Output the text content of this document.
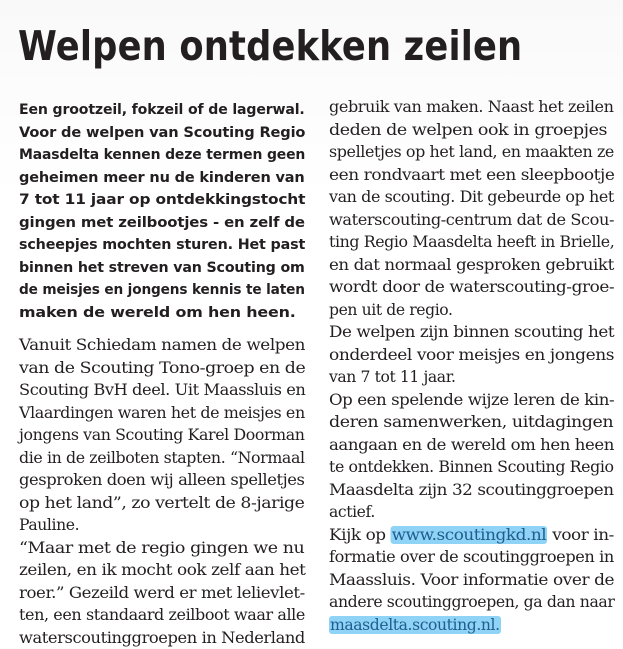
Welpen ontdekken zeilen
Een grootzeil, fokzeil of de lagerwal.
Voor de welpen van Scouting Regio
Maasdelta kennen deze termen geen
geheimen meer nu de kinderen van
7 tot 11 jaar op ontdekkingstocht
gingen met zeilbootjes - en zelf de
scheepjes mochten sturen. Het past
binnen het streven van Scouting om
de meisjes en jongens kennis te laten
maken de wereld om hen heen.
Vanuit Schiedam namen de welpen
van de Scouting Tono-groep en de
Scouting BvH deel. Uit Maassluis en
Vlaardingen waren het de meisjes en
jongens van Scouting Karel Doorman
die in de zeilboten stapten. “Normaal
gesproken doen wij alleen spelletjes
op het land”, zo vertelt de 8-jarige
Pauline.
“Maar met de regio gingen we nu
zeilen, en ik mocht ook zelf aan het
roer.” Gezeild werd er met lelievlet-
ten, een standaard zeilboot waar alle
waterscoutinggroepen in Nederland
gebruik van maken. Naast het zeilen
deden de welpen ook in groepjes
spelletjes op het land, en maakten ze
een rondvaart met een sleepbootje
van de scouting. Dit gebeurde op het
waterscouting-centrum dat de Scou-
ting Regio Maasdelta heeft in Brielle,
en dat normaal gesproken gebruikt
wordt door de waterscouting-groe-
pen uit de regio.
De welpen zijn binnen scouting het
onderdeel voor meisjes en jongens
van 7 tot 11 jaar.
Op een spelende wijze leren de kin-
deren samenwerken, uitdagingen
aangaan en de wereld om hen heen
te ontdekken. Binnen Scouting Regio
Maasdelta zijn 32 scoutinggroepen
actief.
Kijk op www.scoutingkd.nl voor in-
formatie over de scoutinggroepen in
Maassluis. Voor informatie over de
andere scoutinggroepen, ga dan naar
maasdelta.scouting.nl.
